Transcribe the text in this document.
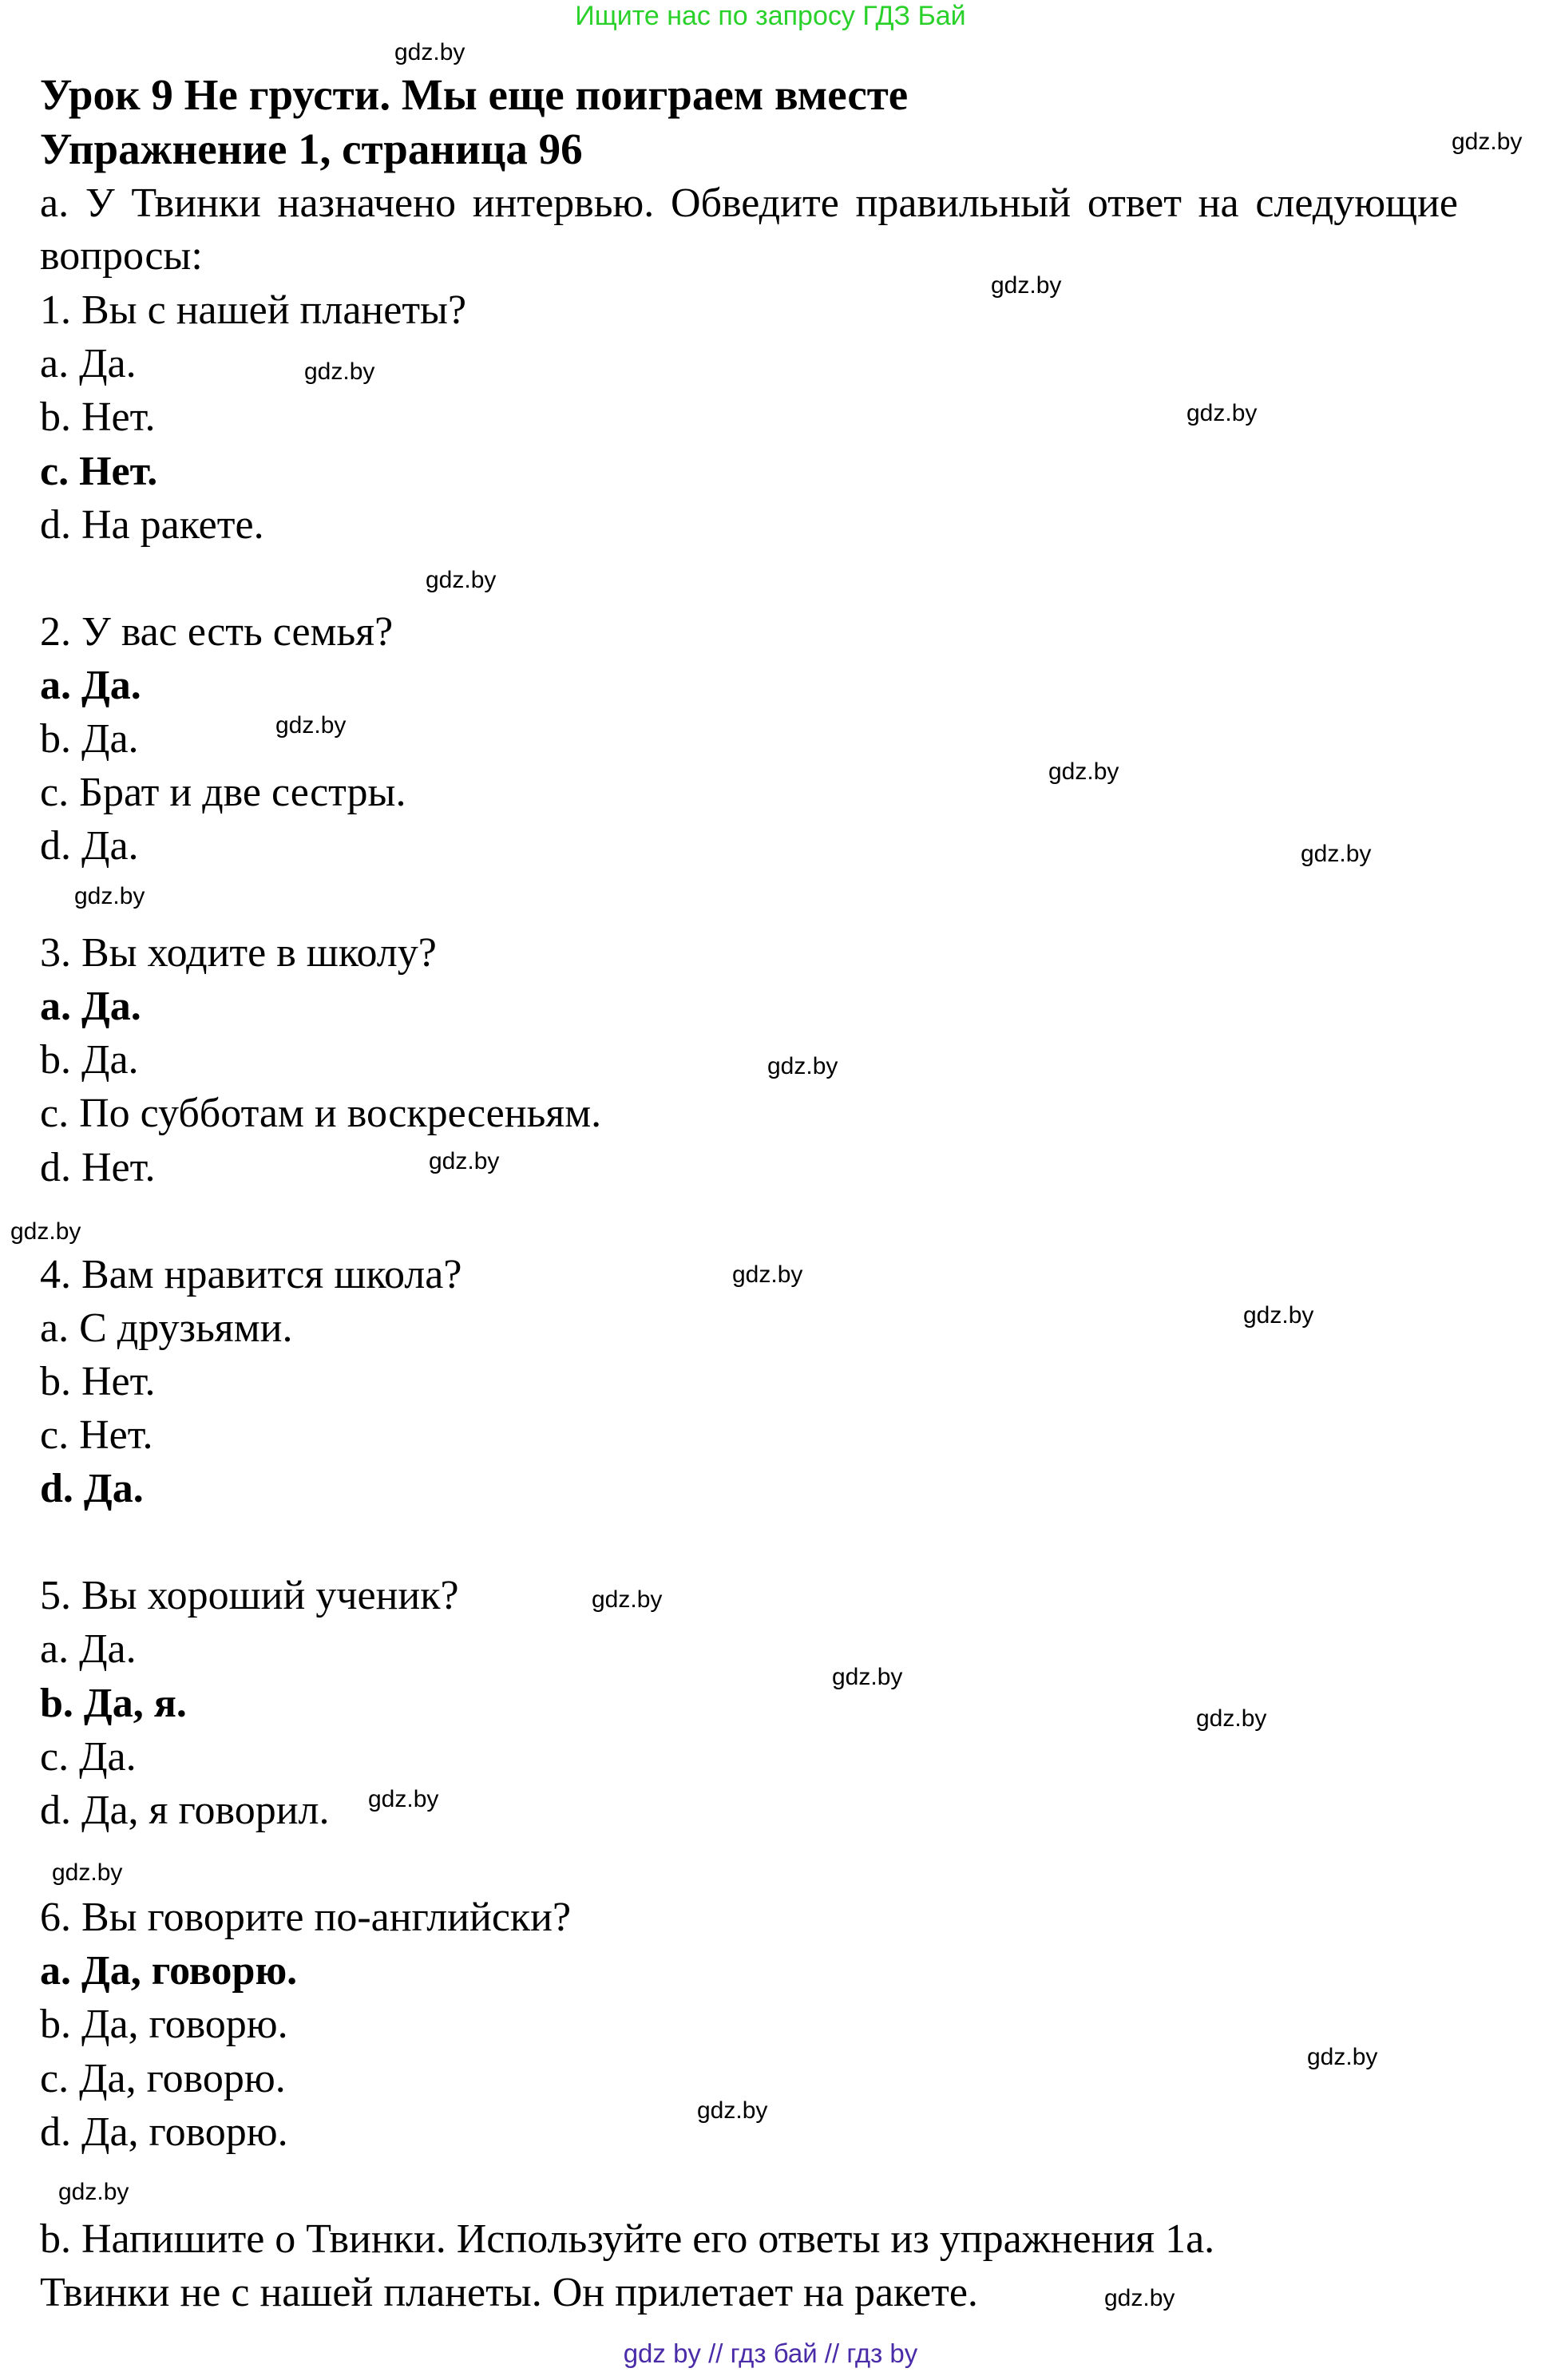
Ищите нас по запросу ГДЗ Бай
Урок 9 Не грусти. Мы еще поиграем вместе
Упражнение 1, страница 96
а. У Твинки назначено интервью. Обведите правильный ответ на следующие вопросы:
1. Вы с нашей планеты?
a. Да.
b. Нет.
c. Нет.
d. На ракете.
2. У вас есть семья?
a. Да.
b. Да.
c. Брат и две сестры.
d. Да.
3. Вы ходите в школу?
a. Да.
b. Да.
c. По субботам и воскресеньям.
d. Нет.
4. Вам нравится школа?
a. С друзьями.
b. Нет.
c. Нет.
d. Да.
5. Вы хороший ученик?
a. Да.
b. Да, я.
c. Да.
d. Да, я говорил.
6. Вы говорите по-английски?
a. Да, говорю.
b. Да, говорю.
c. Да, говорю.
d. Да, говорю.
b. Напишите о Твинки. Используйте его ответы из упражнения 1a.
Твинки не с нашей планеты. Он прилетает на ракете.
gdz.by
gdz.by
gdz.by
gdz.by
gdz.by
gdz.by
gdz.by
gdz.by
gdz.by
gdz.by
gdz.by
gdz.by
gdz.by
gdz.by
gdz.by
gdz.by
gdz.by
gdz.by
gdz.by
gdz.by
gdz.by
gdz.by
gdz.by
gdz.by
gdz by // гдз бай // гдз by
